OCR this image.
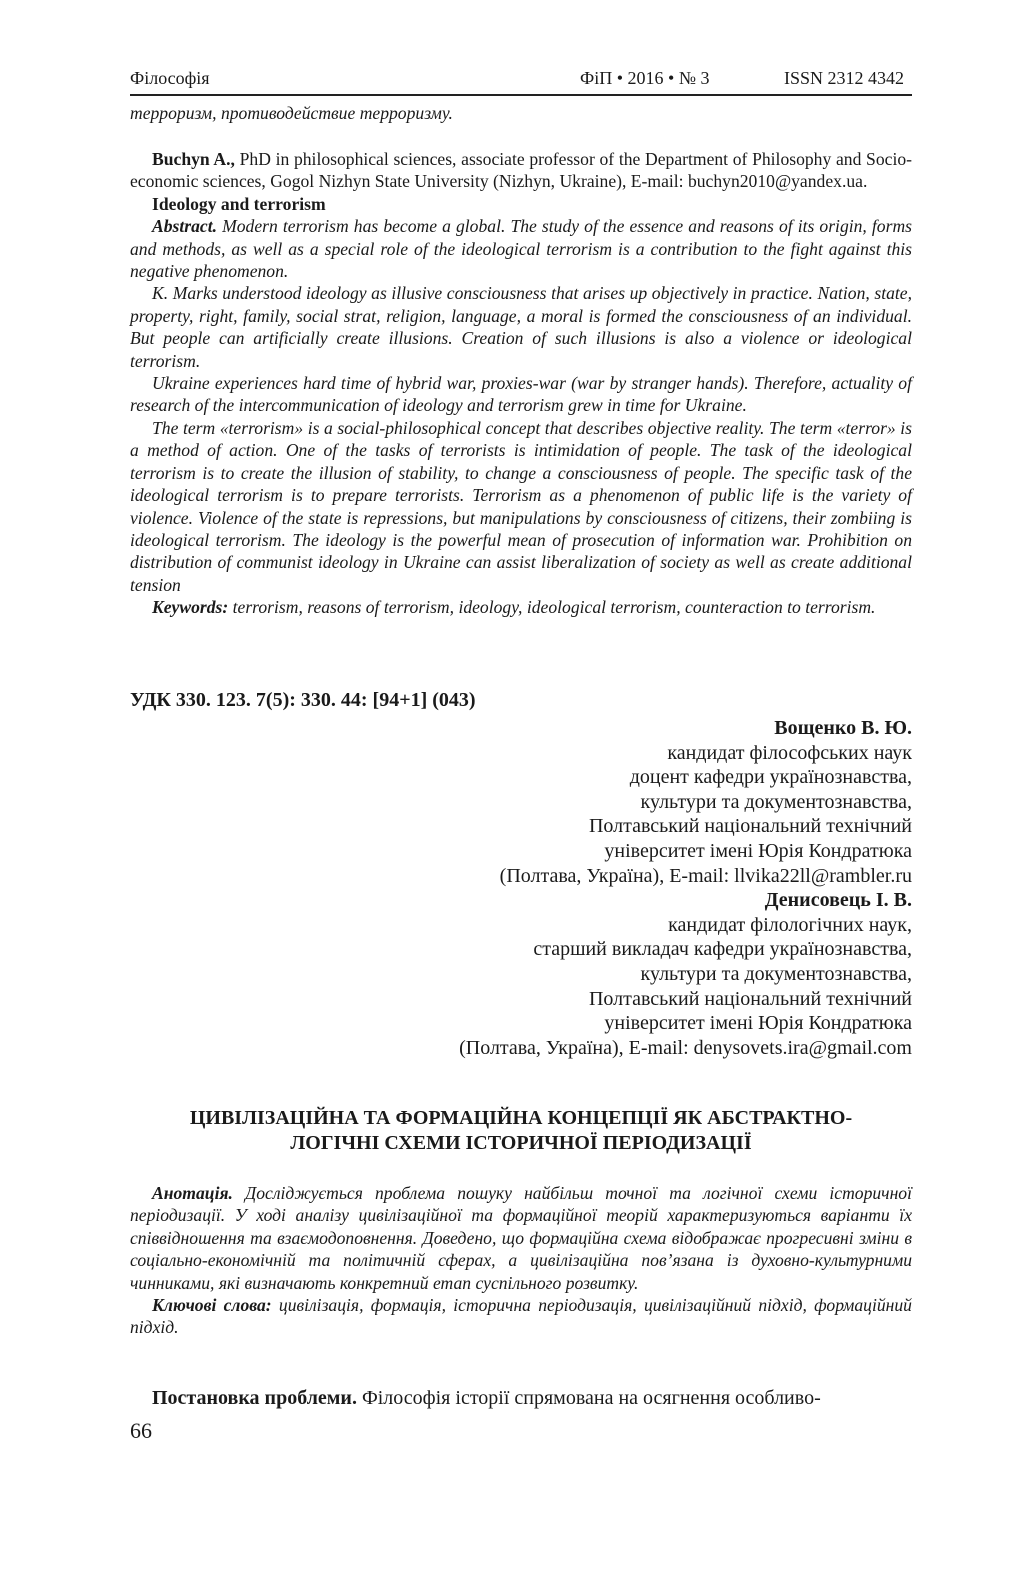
Філософія	ФіП • 2016 • № 3	ISSN 2312 4342

терроризм, противодействие терроризму.

Buchyn A., PhD in philosophical sciences, associate professor of the Department of Philosophy and Socio-economic sciences, Gogol Nizhyn State University (Nizhyn, Ukraine), E-mail: buchyn2010@yandex.ua.

Ideology and terrorism

Abstract. Modern terrorism has become a global. The study of the essence and reasons of its origin, forms and methods, as well as a special role of the ideological terrorism is a contribution to the fight against this negative phenomenon.

K. Marks understood ideology as illusive consciousness that arises up objectively in practice. Nation, state, property, right, family, social strat, religion, language, a moral is formed the consciousness of an individual. But people can artificially create illusions. Creation of such illusions is also a violence or ideological terrorism.

Ukraine experiences hard time of hybrid war, proxies-war (war by stranger hands). Therefore, actuality of research of the intercommunication of ideology and terrorism grew in time for Ukraine.

The term «terrorism» is a social-philosophical concept that describes objective reality. The term «terror» is a method of action. One of the tasks of terrorists is intimidation of people. The task of the ideological terrorism is to create the illusion of stability, to change a consciousness of people. The specific task of the ideological terrorism is to prepare terrorists. Terrorism as a phenomenon of public life is the variety of violence. Violence of the state is repressions, but manipulations by consciousness of citizens, their zombiing is ideological terrorism. The ideology is the powerful mean of prosecution of information war. Prohibition on distribution of communist ideology in Ukraine can assist liberalization of society as well as create additional tension

Keywords: terrorism, reasons of terrorism, ideology, ideological terrorism, counteraction to terrorism.

УДК 330. 123. 7(5): 330. 44: [94+1] (043)

Вощенко В. Ю.

кандидат філософських наук

доцент кафедри українознавства,

культури та документознавства,

Полтавський національний технічний

університет імені Юрія Кондратюка

(Полтава, Україна), E-mail: llvika22ll@rambler.ru

Денисовець І. В.

кандидат філологічних наук,

старший викладач кафедри українознавства,

культури та документознавства,

Полтавський національний технічний

університет імені Юрія Кондратюка

(Полтава, Україна), E-mail: denysovets.ira@gmail.com

ЦИВІЛІЗАЦІЙНА ТА ФОРМАЦІЙНА КОНЦЕПЦІЇ ЯК АБСТРАКТНО-

ЛОГІЧНІ СХЕМИ ІСТОРИЧНОЇ ПЕРІОДИЗАЦІЇ

Анотація. Досліджується проблема пошуку найбільш точної та логічної схеми історичної періодизації. У ході аналізу цивілізаційної та формаційної теорій характеризуються варіанти їх співвідношення та взаємодоповнення. Доведено, що формаційна схема відображає прогресивні зміни в соціально-економічній та політичній сферах, а цивілізаційна пов’язана із духовно-культурними чинниками, які визначають конкретний етап суспільного розвитку.

Ключові слова: цивілізація, формація, історична періодизація, цивілізаційний підхід, формаційний підхід.

Постановка проблеми. Філософія історії спрямована на осягнення особливо-

66
